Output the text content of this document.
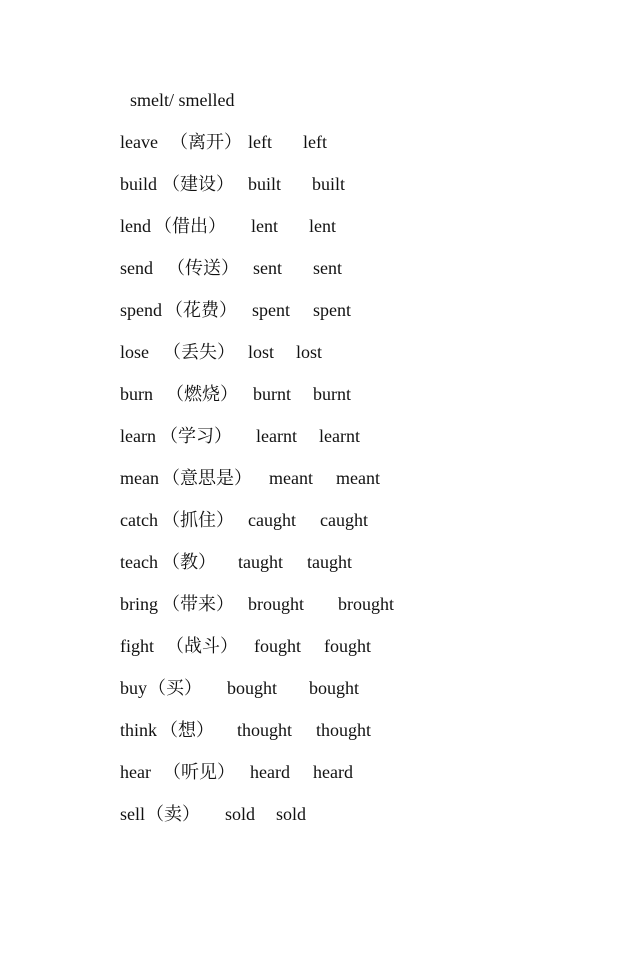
smelt/ smelled

leave

（离开）

left

left

build

（建设）

built

built

lend

（借出）

lent

lent

send

（传送）

sent

sent

spend

（花费）

spent

spent

lose

（丢失）

lost

lost

burn

（燃烧）

burnt

burnt

learn

（学习）

learnt

learnt

mean

（意思是）

meant

meant

catch

（抓住）

caught

caught

teach

（教）

taught

taught

bring

（带来）

brought

brought

fight

（战斗）

fought

fought

buy

（买）

bought

bought

think

（想）

thought

thought

hear

（听见）

heard

heard

sell

（卖）

sold

sold
